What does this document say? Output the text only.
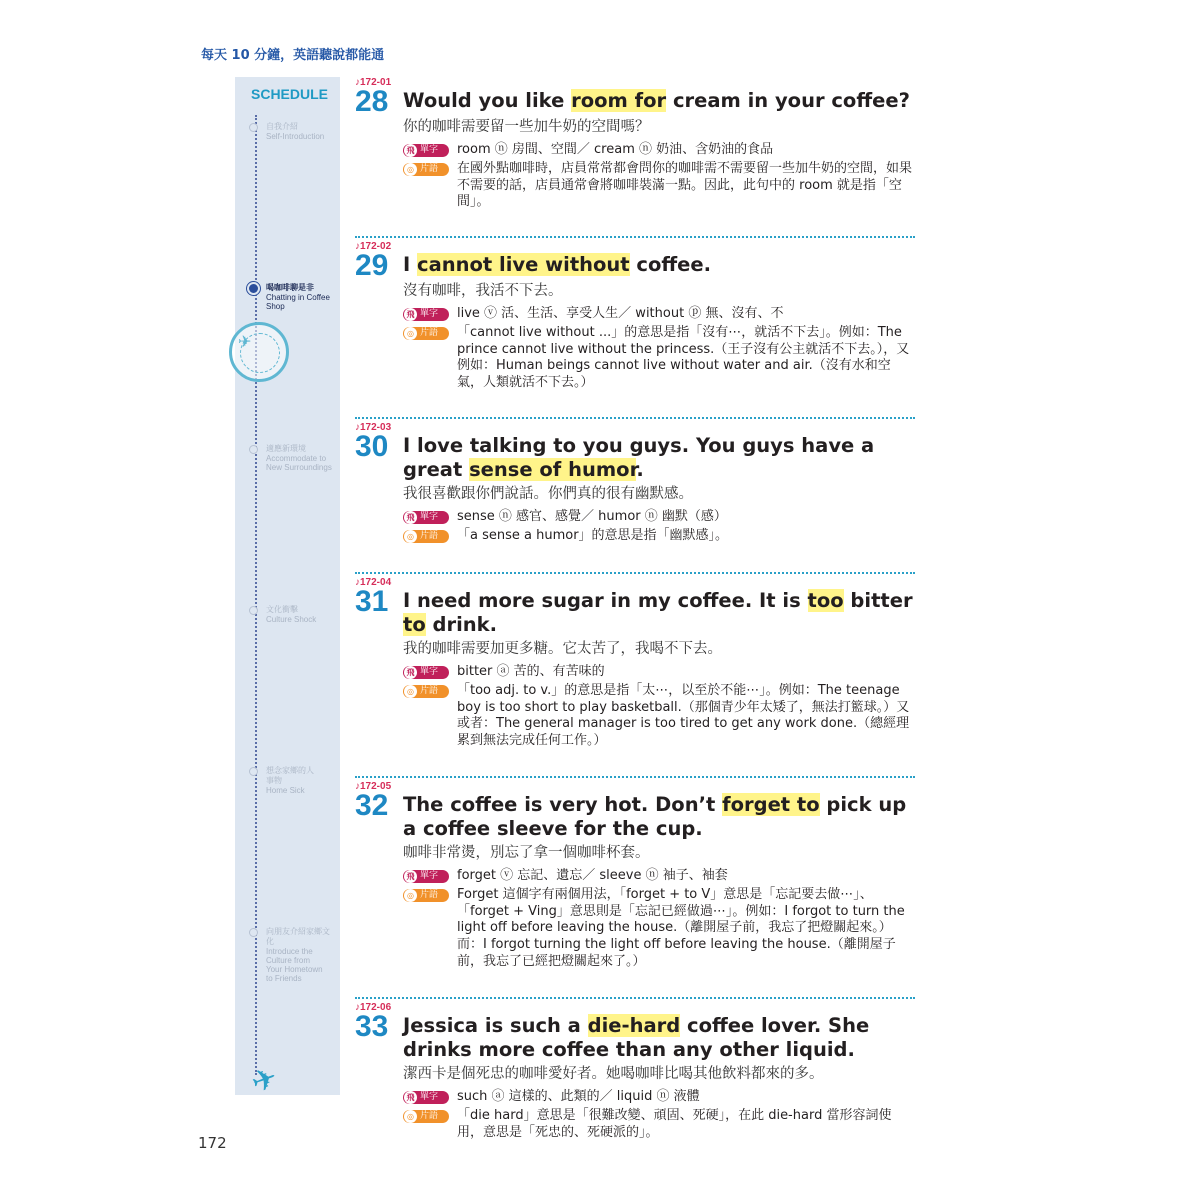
每天 10 分鐘，英語聽說都能通
SCHEDULE
自我介紹
Self-Introduction
喝咖啡聊是非
Chatting in Coffee Shop
適應新環境
Accommodate to New Surroundings
文化衝擊
Culture Shock
想念家鄉的人事物
Home Sick
向朋友介紹家鄉文化
Introduce the Culture from Your Hometown to Friends
✈
✈
♪172-01
28 Would you like room for cream in your coffee?
你的咖啡需要留一些加牛奶的空間嗎？
飛 單字	room ⓝ 房間、空間／ cream ⓝ 奶油、含奶油的食品
◎ 片語	在國外點咖啡時，店員常常都會問你的咖啡需不需要留一些加牛奶的空間，如果不需要的話，店員通常會將咖啡裝滿一點。因此，此句中的 room 就是指「空間」。
♪172-02
29 I cannot live without coffee.
沒有咖啡，我活不下去。
飛 單字	live ⓥ 活、生活、享受人生／ without ⓟ 無、沒有、不
◎ 片語	「cannot live without ...」的意思是指「沒有⋯，就活不下去」。例如：The prince cannot live without the princess.（王子沒有公主就活不下去。），又例如：Human beings cannot live without water and air.（沒有水和空氣，人類就活不下去。）
♪172-03
30 I love talking to you guys. You guys have a great sense of humor.
我很喜歡跟你們說話。你們真的很有幽默感。
飛 單字	sense ⓝ 感官、感覺／ humor ⓝ 幽默（感）
◎ 片語	「a sense a humor」的意思是指「幽默感」。
♪172-04
31 I need more sugar in my coffee. It is too bitter to drink.
我的咖啡需要加更多糖。它太苦了，我喝不下去。
飛 單字	bitter ⓐ 苦的、有苦味的
◎ 片語	「too adj. to v.」的意思是指「太⋯，以至於不能⋯」。例如：The teenage boy is too short to play basketball.（那個青少年太矮了，無法打籃球。）又或者：The general manager is too tired to get any work done.（總經理累到無法完成任何工作。）
♪172-05
32 The coffee is very hot. Don’t forget to pick up a coffee sleeve for the cup.
咖啡非常燙，別忘了拿一個咖啡杯套。
飛 單字	forget ⓥ 忘記、遺忘／ sleeve ⓝ 袖子、袖套
◎ 片語	Forget 這個字有兩個用法，「forget + to V」意思是「忘記要去做⋯」、「forget + Ving」意思則是「忘記已經做過⋯」。例如：I forgot to turn the light off before leaving the house.（離開屋子前，我忘了把燈關起來。）而：I forgot turning the light off before leaving the house.（離開屋子前，我忘了已經把燈關起來了。）
♪172-06
33 Jessica is such a die-hard coffee lover. She drinks more coffee than any other liquid.
潔西卡是個死忠的咖啡愛好者。她喝咖啡比喝其他飲料都來的多。
飛 單字	such ⓐ 這樣的、此類的／ liquid ⓝ 液體
◎ 片語	「die hard」意思是「很難改變、頑固、死硬」，在此 die-hard 當形容詞使用，意思是「死忠的、死硬派的」。
172
